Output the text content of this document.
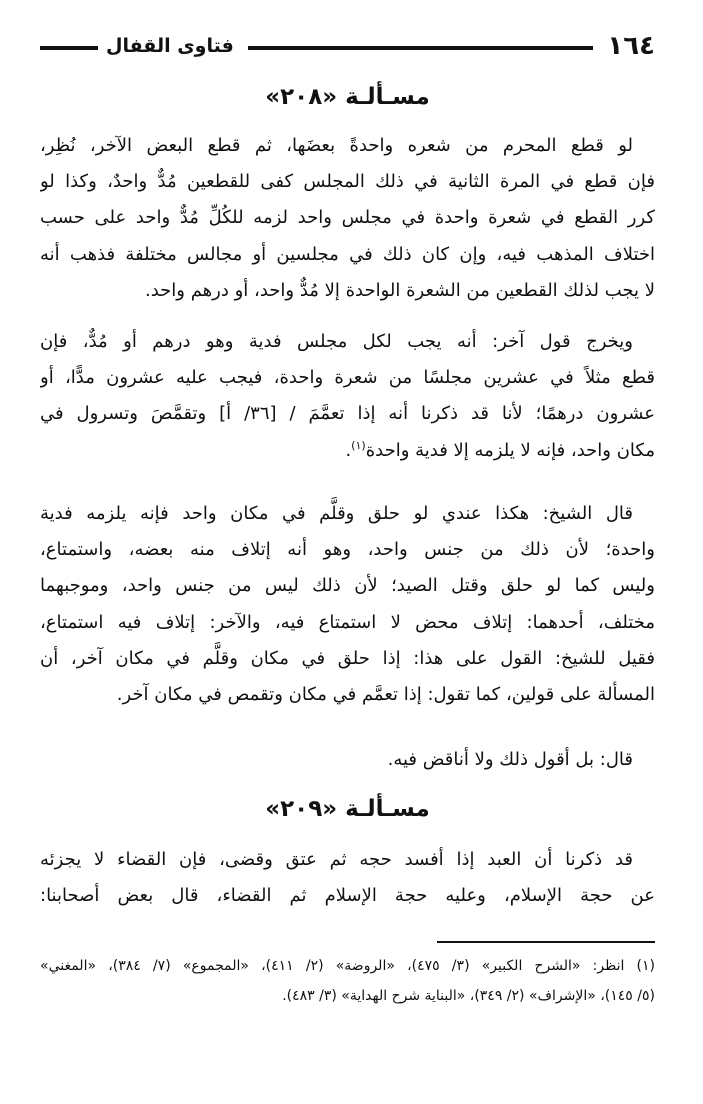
١٦٤
فتاوى القفال
مسـألـة «٢٠٨»
لو قطع المحرم من شعره واحدةً بعضَها، ثم قطع البعض الآخر، نُظِر،
فإن قطع في المرة الثانية في ذلك المجلس كفى للقطعين مُدٌّ واحدٌ، وكذا لو
كرر القطع في شعرة واحدة في مجلس واحد لزمه للكُلِّ مُدٌّ واحد على حسب
اختلاف المذهب فيه، وإن كان ذلك في مجلسين أو مجالس مختلفة فذهب أنه
لا يجب لذلك القطعين من الشعرة الواحدة إلا مُدٌّ واحد، أو درهم واحد.
ويخرج قول آخر: أنه يجب لكل مجلس فدية وهو درهم أو مُدٌّ، فإن
قطع مثلاً في عشرين مجلسًا من شعرة واحدة، فيجب عليه عشرون مدًّا، أو
عشرون درهمًا؛ لأنا قد ذكرنا أنه إذا تعمَّمَ / [٣٦/ أ] وتقمَّصَ وتسرول في
مكان واحد، فإنه لا يلزمه إلا فدية واحدة$^{(١)}$.
قال الشيخ: هكذا عندي لو حلق وقلَّم في مكان واحد فإنه يلزمه فدية
واحدة؛ لأن ذلك من جنس واحد، وهو أنه إتلاف منه بعضه، واستمتاع،
وليس كما لو حلق وقتل الصيد؛ لأن ذلك ليس من جنس واحد، وموجبهما
مختلف، أحدهما: إتلاف محض لا استمتاع فيه، والآخر: إتلاف فيه استمتاع،
فقيل للشيخ: القول على هذا: إذا حلق في مكان وقلَّم في مكان آخر، أن
المسألة على قولين، كما تقول: إذا تعمَّم في مكان وتقمص في مكان آخر.
قال: بل أقول ذلك ولا أناقض فيه.
مسـألـة «٢٠٩»
قد ذكرنا أن العبد إذا أفسد حجه ثم عتق وقضى، فإن القضاء لا يجزئه
عن حجة الإسلام، وعليه حجة الإسلام ثم القضاء، قال بعض أصحابنا:
(١) انظر: «الشرح الكبير» (٣/ ٤٧٥)، «الروضة» (٢/ ٤١١)، «المجموع» (٧/ ٣٨٤)، «المغني»
(٥/ ١٤٥)، «الإشراف» (٢/ ٣٤٩)، «البناية شرح الهداية» (٣/ ٤٨٣).
